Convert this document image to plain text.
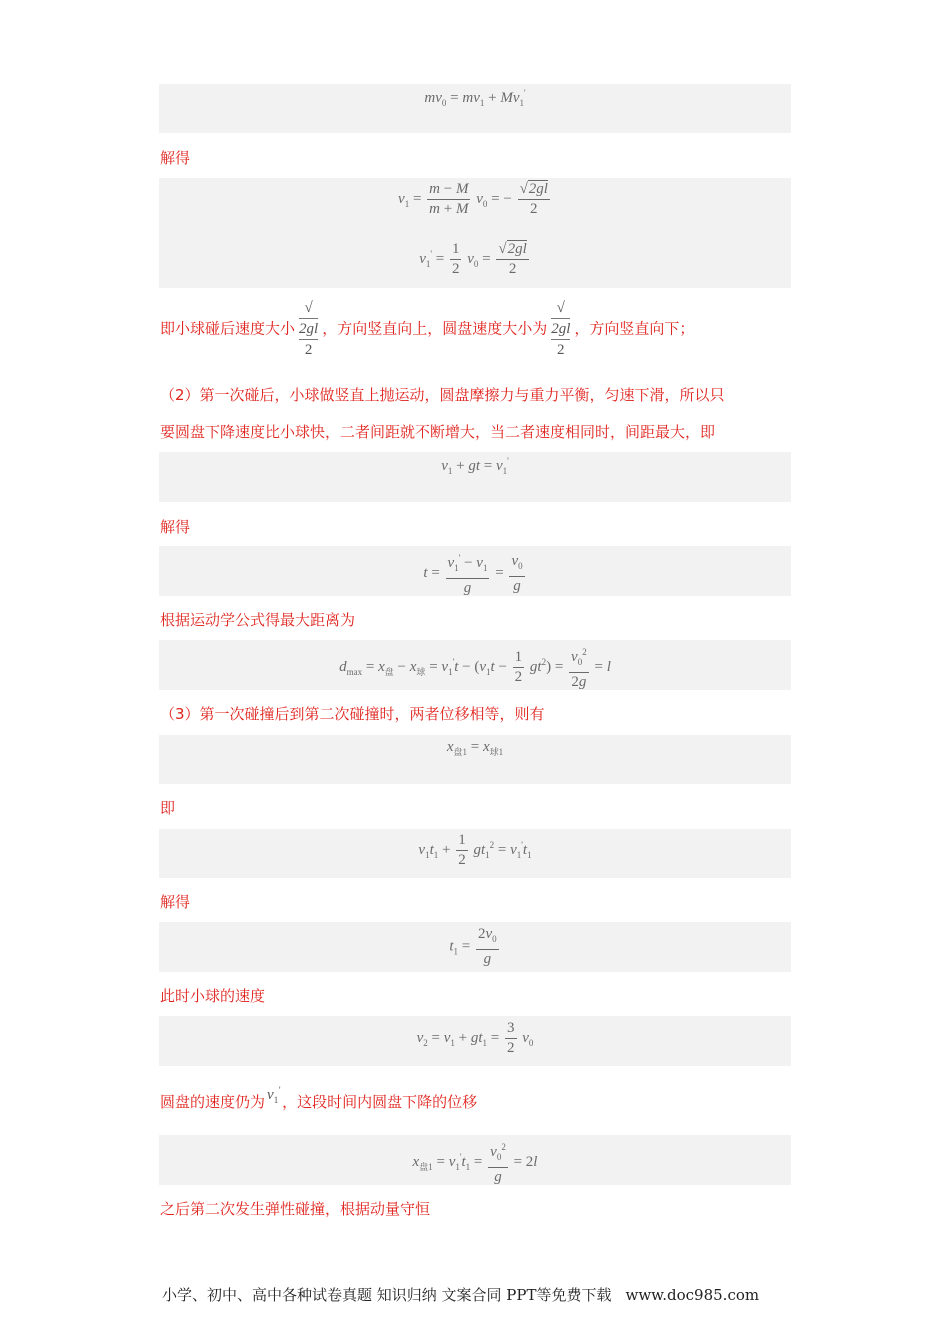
$mv_0 = mv_1 + Mv_1'$
解得
$v_1 = \frac{m - M}{m + M} v_0$ = − $\frac{√2gl}{2}$
$v_1' = \frac{1}{2} v_0 = \frac{√2gl}{2}$
即小球碰后速度大小 √
2gl
2 ，方向竖直向上，圆盘速度大小为 √
2gl
2 ，方向竖直向下；
（2）第一次碰后，小球做竖直上抛运动，圆盘摩擦力与重力平衡，匀速下滑，所以只
要圆盘下降速度比小球快，二者间距就不断增大，当二者速度相同时，间距最大，即
$v_1$ + gt = $v_1'$
解得
$t = \frac{v_1' - v_1}{g} = \frac{v_0}{g}$
根据运动学公式得最大距离为
$d_{max} = x_盘 - x_球 = v_1't - (v_1t - \frac{1}{2} gt^2) = \frac{v_0^2}{2g} = l$
（3）第一次碰撞后到第二次碰撞时，两者位移相等，则有
$x_{盘1} = x_{球1}$
即
$v_1t_1 + \frac{1}{2} gt_1^2 = v_1't_1$
解得
$t_1 = \frac{2v_0}{g}$
此时小球的速度
$v_2 = v_1 + gt_1 = \frac{3}{2} v_0$
圆盘的速度仍为 $v_1'$，这段时间内圆盘下降的位移
$x_{盘1} = v_1't_1 = \frac{v_0^2}{g} = 2l$
之后第二次发生弹性碰撞，根据动量守恒
小学、初中、高中各种试卷真题 知识归纳 文案合同 PPT等免费下载 www.doc985.com
